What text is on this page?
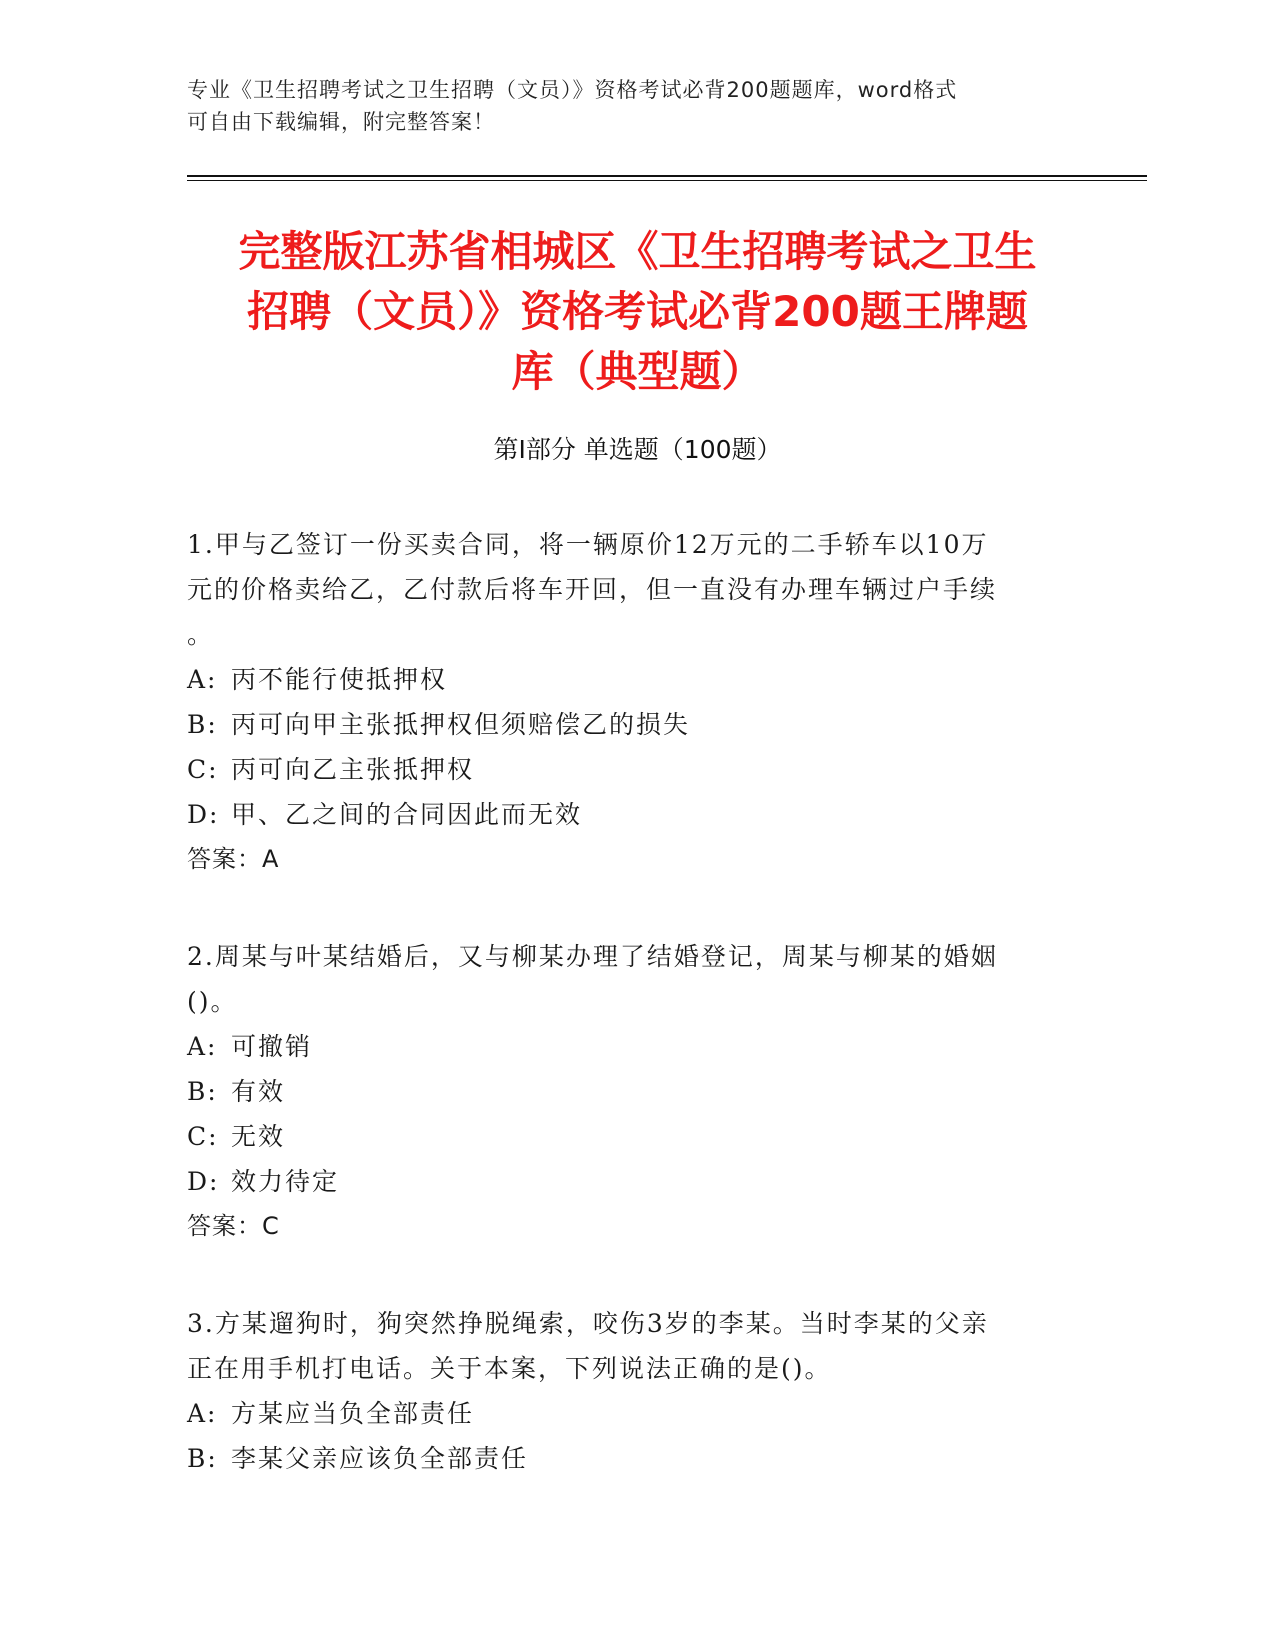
专业《卫生招聘考试之卫生招聘（文员）》资格考试必背200题题库，word格式
可自由下载编辑，附完整答案！
完整版江苏省相城区《卫生招聘考试之卫生
招聘（文员）》资格考试必背200题王牌题
库（典型题）
第Ⅰ部分 单选题（100题）
1.甲与乙签订一份买卖合同，将一辆原价12万元的二手轿车以10万
元的价格卖给乙，乙付款后将车开回，但一直没有办理车辆过户手续
。
A: 丙不能行使抵押权
B: 丙可向甲主张抵押权但须赔偿乙的损失
C: 丙可向乙主张抵押权
D: 甲、乙之间的合同因此而无效
答案：A
2.周某与叶某结婚后，又与柳某办理了结婚登记，周某与柳某的婚姻
()。
A: 可撤销
B: 有效
C: 无效
D: 效力待定
答案：C
3.方某遛狗时，狗突然挣脱绳索，咬伤3岁的李某。当时李某的父亲
正在用手机打电话。关于本案，下列说法正确的是()。
A: 方某应当负全部责任
B: 李某父亲应该负全部责任
